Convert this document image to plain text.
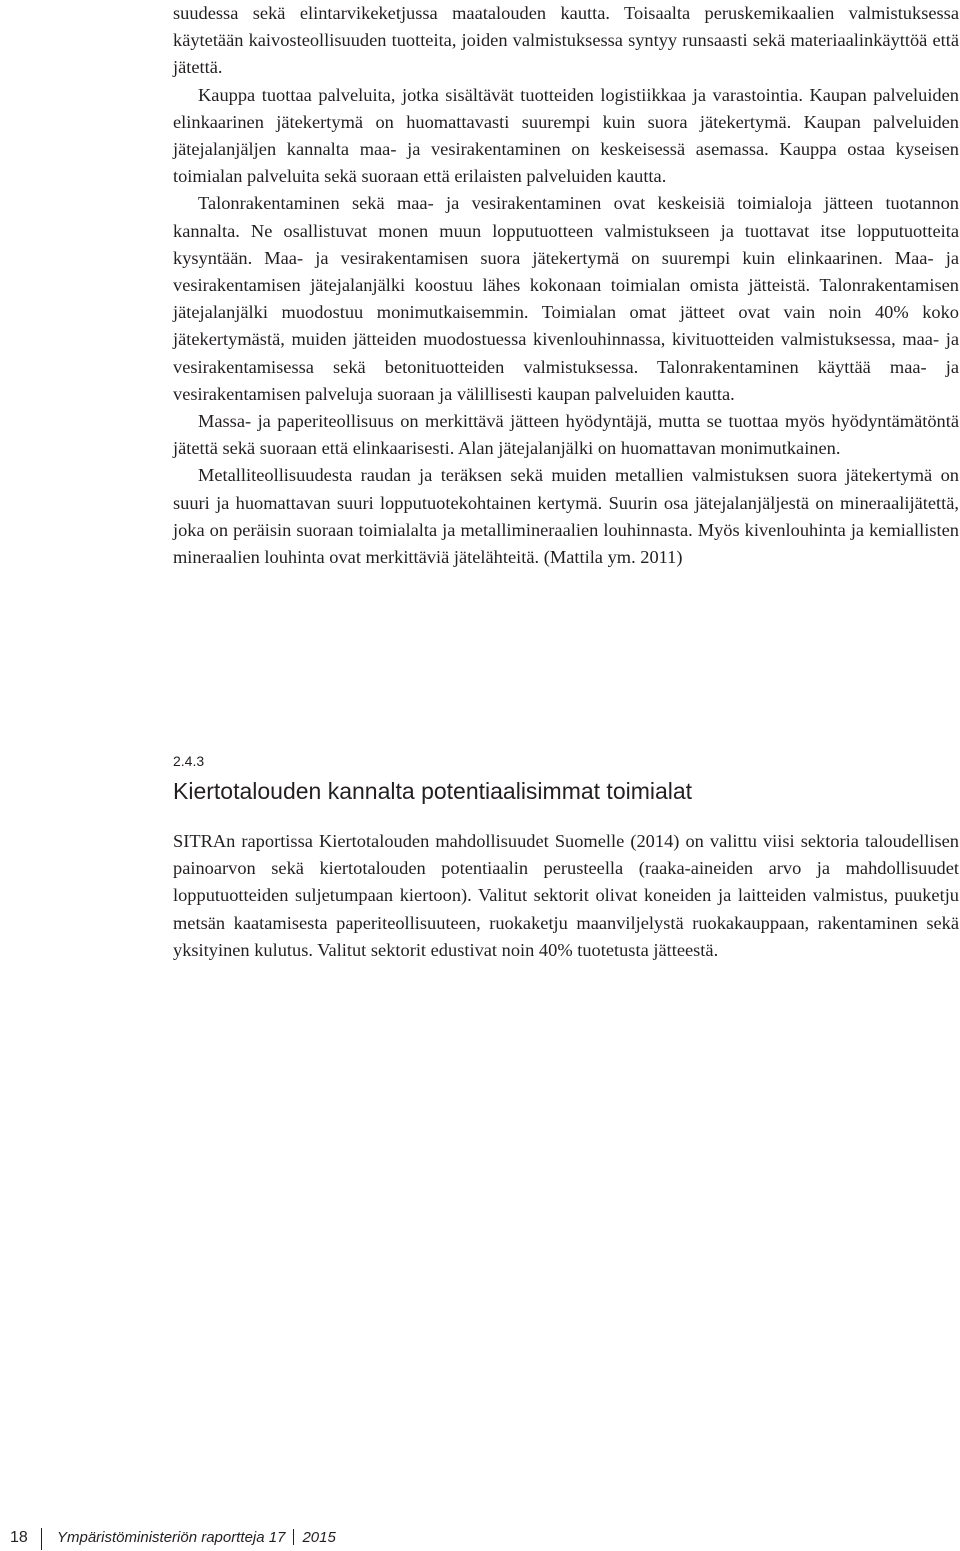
suudessa sekä elintarvikeketjussa maatalouden kautta. Toisaalta peruskemikaalien valmistuksessa käytetään kaivosteollisuuden tuotteita, joiden valmistuksessa syntyy runsaasti sekä materiaalinkäyttöä että jätettä.

Kauppa tuottaa palveluita, jotka sisältävät tuotteiden logistiikkaa ja varastointia. Kaupan palveluiden elinkaarinen jätekertymä on huomattavasti suurempi kuin suora jätekertymä. Kaupan palveluiden jätejalanjäljen kannalta maa- ja vesirakentaminen on keskeisessä asemassa. Kauppa ostaa kyseisen toimialan palveluita sekä suoraan että erilaisten palveluiden kautta.

Talonrakentaminen sekä maa- ja vesirakentaminen ovat keskeisiä toimialoja jätteen tuotannon kannalta. Ne osallistuvat monen muun lopputuotteen valmistukseen ja tuottavat itse lopputuotteita kysyntään. Maa- ja vesirakentamisen suora jätekertymä on suurempi kuin elinkaarinen. Maa- ja vesirakentamisen jätejalanjälki koostuu lähes kokonaan toimialan omista jätteistä. Talonrakentamisen jätejalanjälki muodostuu monimutkaisemmin. Toimialan omat jätteet ovat vain noin 40% koko jätekertymästä, muiden jätteiden muodostuessa kivenlouhinnassa, kivituotteiden valmistuksessa, maa- ja vesirakentamisessa sekä betonituotteiden valmistuksessa. Talonrakentaminen käyttää maa- ja vesirakentamisen palveluja suoraan ja välillisesti kaupan palveluiden kautta.

Massa- ja paperiteollisuus on merkittävä jätteen hyödyntäjä, mutta se tuottaa myös hyödyntämätöntä jätettä sekä suoraan että elinkaarisesti. Alan jätejalanjälki on huomattavan monimutkainen.

Metalliteollisuudesta raudan ja teräksen sekä muiden metallien valmistuksen suora jätekertymä on suuri ja huomattavan suuri lopputuotekohtainen kertymä. Suurin osa jätejalanjäljestä on mineraalijätettä, joka on peräisin suoraan toimialalta ja metallimineraalien louhinnasta. Myös kivenlouhinta ja kemiallisten mineraalien louhinta ovat merkittäviä jätelähteitä. (Mattila ym. 2011)

2.4.3

Kiertotalouden kannalta potentiaalisimmat toimialat

SITRAn raportissa Kiertotalouden mahdollisuudet Suomelle (2014) on valittu viisi sektoria taloudellisen painoarvon sekä kiertotalouden potentiaalin perusteella (raaka-aineiden arvo ja mahdollisuudet lopputuotteiden suljetumpaan kiertoon). Valitut sektorit olivat koneiden ja laitteiden valmistus, puuketju metsän kaatamisesta paperiteollisuuteen, ruokaketju maanviljelystä ruokakauppaan, rakentaminen sekä yksityinen kulutus. Valitut sektorit edustivat noin 40% tuotetusta jätteestä.

18 Ympäristöministeriön raportteja 17 2015
